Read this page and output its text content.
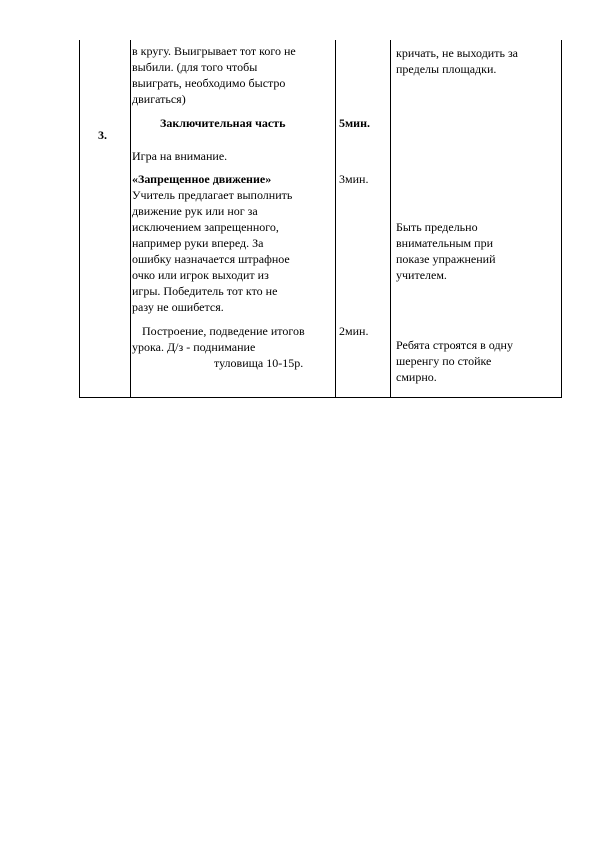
3.
в кругу. Выигрывает тот кого не
выбили. (для того чтобы
выиграть, необходимо быстро
двигаться)
Заключительная часть
Игра на внимание.
«Запрещенное движение»
Учитель предлагает выполнить
движение рук или ног за
исключением запрещенного,
например руки вперед. За
ошибку назначается штрафное
очко или игрок выходит из
игры. Победитель тот кто не
разу не ошибется.
Построение, подведение итогов
урока. Д/з - поднимание
туловища 10-15р.
5мин.
3мин.
2мин.
кричать, не выходить за
пределы площадки.
Быть предельно
внимательным при
показе упражнений
учителем.
Ребята строятся в одну
шеренгу по стойке
смирно.
